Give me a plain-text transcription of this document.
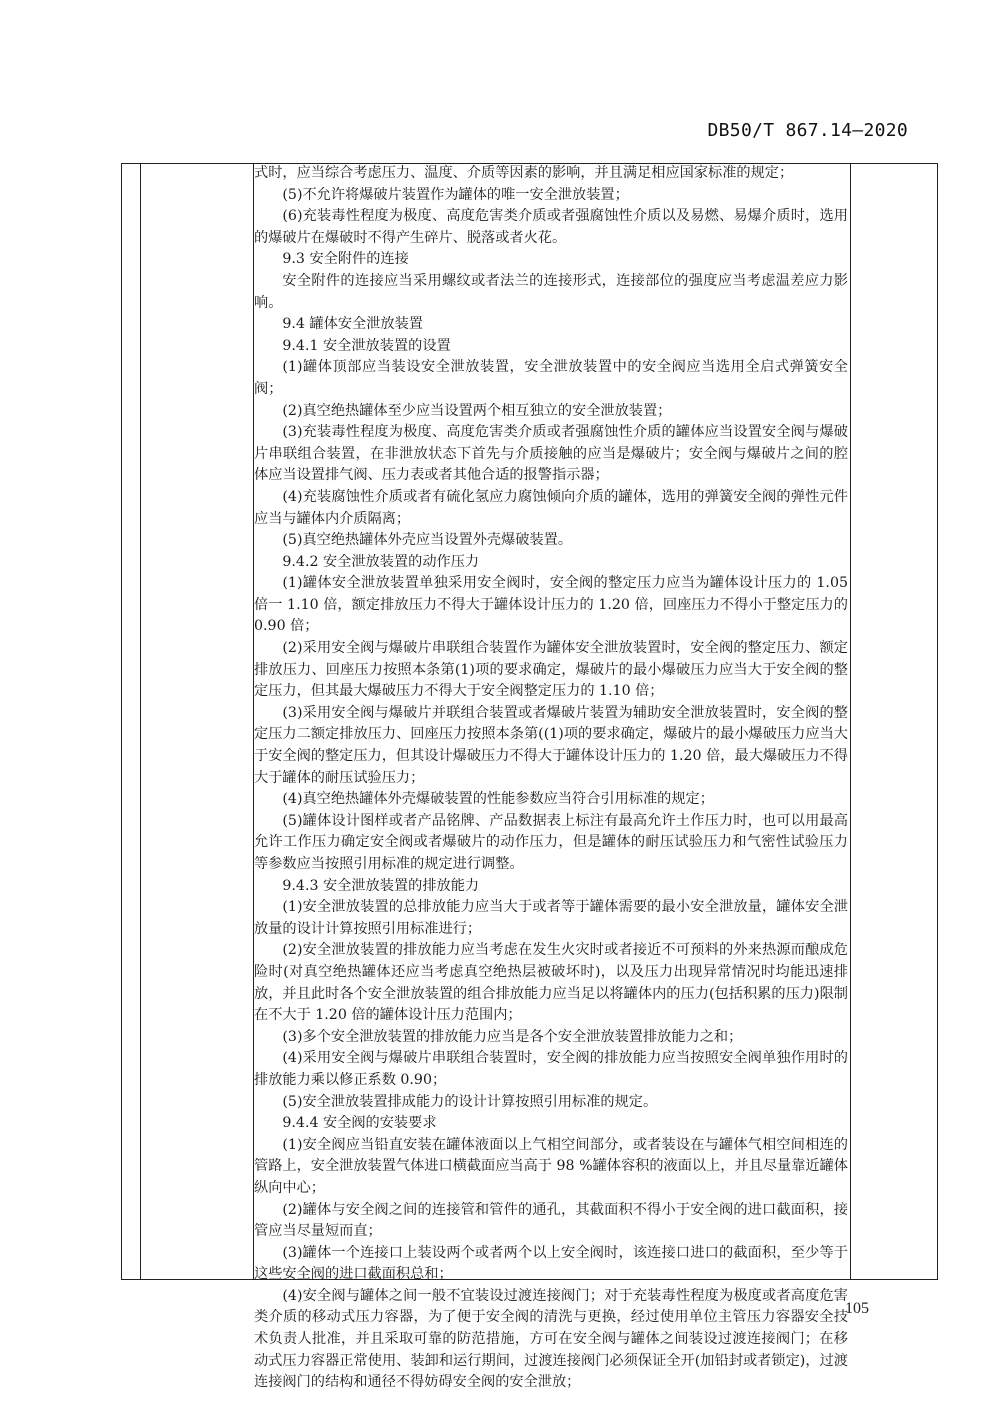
DB50/T 867.14—2020

式时，应当综合考虑压力、温度、介质等因素的影响，并且满足相应国家标准的规定；

(5)不允许将爆破片装置作为罐体的唯一安全泄放装置；

(6)充装毒性程度为极度、高度危害类介质或者强腐蚀性介质以及易燃、易爆介质时，选用的爆破片在爆破时不得产生碎片、脱落或者火花。

9.3 安全附件的连接

安全附件的连接应当采用螺纹或者法兰的连接形式，连接部位的强度应当考虑温差应力影响。

9.4 罐体安全泄放装置

9.4.1 安全泄放装置的设置

(1)罐体顶部应当装设安全泄放装置，安全泄放装置中的安全阀应当选用全启式弹簧安全阀；

(2)真空绝热罐体至少应当设置两个相互独立的安全泄放装置；

(3)充装毒性程度为极度、高度危害类介质或者强腐蚀性介质的罐体应当设置安全阀与爆破片串联组合装置，在非泄放状态下首先与介质接触的应当是爆破片；安全阀与爆破片之间的腔体应当设置排气阀、压力表或者其他合适的报警指示器；

(4)充装腐蚀性介质或者有硫化氢应力腐蚀倾向介质的罐体，选用的弹簧安全阀的弹性元件应当与罐体内介质隔离；

(5)真空绝热罐体外壳应当设置外壳爆破装置。

9.4.2 安全泄放装置的动作压力

(1)罐体安全泄放装置单独采用安全阀时，安全阀的整定压力应当为罐体设计压力的 1.05 倍一 1.10 倍，额定排放压力不得大于罐体设计压力的 1.20 倍，回座压力不得小于整定压力的 0.90 倍；

(2)采用安全阀与爆破片串联组合装置作为罐体安全泄放装置时，安全阀的整定压力、额定排放压力、回座压力按照本条第(1)项的要求确定，爆破片的最小爆破压力应当大于安全阀的整定压力，但其最大爆破压力不得大于安全阀整定压力的 1.10 倍；

(3)采用安全阀与爆破片并联组合装置或者爆破片装置为辅助安全泄放装置时，安全阀的整定压力二额定排放压力、回座压力按照本条第((1)项的要求确定，爆破片的最小爆破压力应当大于安全阀的整定压力，但其设计爆破压力不得大于罐体设计压力的 1.20 倍，最大爆破压力不得大于罐体的耐压试验压力；

(4)真空绝热罐体外壳爆破装置的性能参数应当符合引用标准的规定；

(5)罐体设计图样或者产品铭牌、产品数据表上标注有最高允许土作压力时，也可以用最高允许工作压力确定安全阀或者爆破片的动作压力，但是罐体的耐压试验压力和气密性试验压力等参数应当按照引用标准的规定进行调整。

9.4.3 安全泄放装置的排放能力

(1)安全泄放装置的总排放能力应当大于或者等于罐体需要的最小安全泄放量，罐体安全泄放量的设计计算按照引用标准进行；

(2)安全泄放装置的排放能力应当考虑在发生火灾时或者接近不可预料的外来热源而酿成危险时(对真空绝热罐体还应当考虑真空绝热层被破坏时)，以及压力出现异常情况时均能迅速排放，并且此时各个安全泄放装置的组合排放能力应当足以将罐体内的压力(包括积累的压力)限制在不大于 1.20 倍的罐体设计压力范围内；

(3)多个安全泄放装置的排放能力应当是各个安全泄放装置排放能力之和；

(4)采用安全阀与爆破片串联组合装置时，安全阀的排放能力应当按照安全阀单独作用时的排放能力乘以修正系数 0.90；

(5)安全泄放装置排成能力的设计计算按照引用标准的规定。

9.4.4 安全阀的安装要求

(1)安全阀应当铅直安装在罐体液面以上气相空间部分，或者装设在与罐体气相空间相连的管路上，安全泄放装置气体进口横截面应当高于 98 %罐体容积的液面以上，并且尽量靠近罐体纵向中心；

(2)罐体与安全阀之间的连接管和管件的通孔，其截面积不得小于安全阀的进口截面积，接管应当尽量短而直；

(3)罐体一个连接口上装设两个或者两个以上安全阀时，该连接口进口的截面积，至少等于这些安全阀的进口截面积总和；

(4)安全阀与罐体之间一般不宜装设过渡连接阀门；对于充装毒性程度为极度或者高度危害类介质的移动式压力容器，为了便于安全阀的清洗与更换，经过使用单位主管压力容器安全技术负责人批准，并且采取可靠的防范措施，方可在安全阀与罐体之间装设过渡连接阀门；在移动式压力容器正常使用、装卸和运行期间，过渡连接阀门必须保证全开(加铅封或者锁定)，过渡连接阀门的结构和通径不得妨碍安全阀的安全泄放；

105
